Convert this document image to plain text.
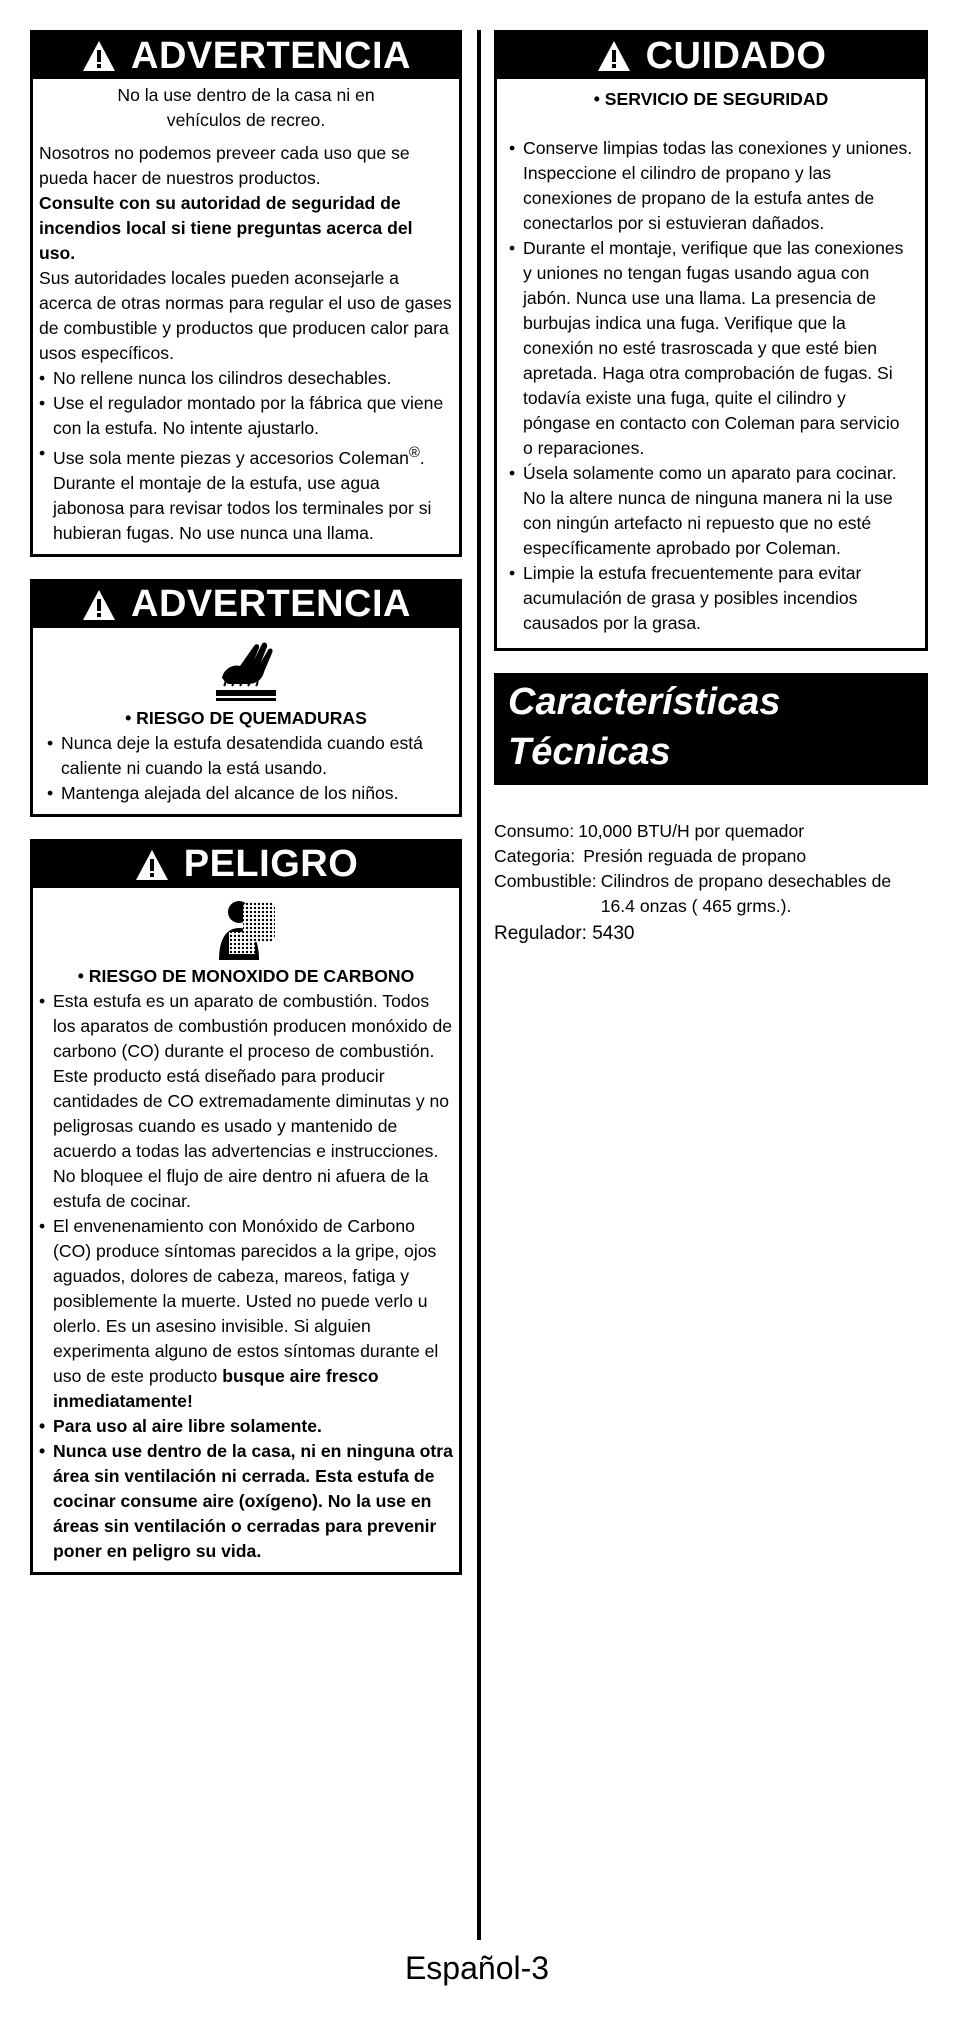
ADVERTENCIA
No la use dentro de la casa ni en vehículos de recreo.
Nosotros no podemos preveer cada uso que se pueda hacer de nuestros productos.
Consulte con su autoridad de seguridad de incendios local si tiene preguntas acerca del uso.
Sus autoridades locales pueden aconsejarle a acerca de otras normas para regular el uso de gases de combustible y productos que producen calor para usos específicos.
• No rellene nunca los cilindros desechables.
• Use el regulador montado por la fábrica que viene con la estufa. No intente ajustarlo.
• Use sola mente piezas y accesorios Coleman®. Durante el montaje de la estufa, use agua jabonosa para revisar todos los terminales por si hubieran fugas. No use nunca una llama.
ADVERTENCIA
• RIESGO DE QUEMADURAS
• Nunca deje la estufa desatendida cuando está caliente ni cuando la está usando.
• Mantenga alejada del alcance de los niños.
PELIGRO
• RIESGO DE MONOXIDO DE CARBONO
• Esta estufa es un aparato de combustión. Todos los aparatos de combustión producen monóxido de carbono (CO) durante el proceso de combustión. Este producto está diseñado para producir cantidades de CO extremadamente diminutas y no peligrosas cuando es usado y mantenido de acuerdo a todas las advertencias e instrucciones. No bloquee el flujo de aire dentro ni afuera de la estufa de cocinar.
• El envenenamiento con Monóxido de Carbono (CO) produce síntomas parecidos a la gripe, ojos aguados, dolores de cabeza, mareos, fatiga y posiblemente la muerte. Usted no puede verlo u olerlo. Es un asesino invisible. Si alguien experimenta alguno de estos síntomas durante el uso de este producto busque aire fresco inmediatamente!
• Para uso al aire libre solamente.
• Nunca use dentro de la casa, ni en ninguna otra área sin ventilación ni cerrada. Esta estufa de cocinar consume aire (oxígeno). No la use en áreas sin ventilación o cerradas para prevenir poner en peligro su vida.
CUIDADO
• SERVICIO DE SEGURIDAD
• Conserve limpias todas las conexiones y uniones. Inspeccione el cilindro de propano y las conexiones de propano de la estufa antes de conectarlos por si estuvieran dañados.
• Durante el montaje, verifique que las conexiones y uniones no tengan fugas usando agua con jabón. Nunca use una llama. La presencia de burbujas indica una fuga. Verifique que la conexión no esté trasroscada y que esté bien apretada. Haga otra comprobación de fugas. Si todavía existe una fuga, quite el cilindro y póngase en contacto con Coleman para servicio o reparaciones.
• Úsela solamente como un aparato para cocinar. No la altere nunca de ninguna manera ni la use con ningún artefacto ni repuesto que no esté específicamente aprobado por Coleman.
• Limpie la estufa frecuentemente para evitar acumulación de grasa y posibles incendios causados por la grasa.
Características
Técnicas
Consumo: 10,000 BTU/H por quemador
Categoria: Presión reguada de propano
Combustible: Cilindros de propano desechables de 16.4 onzas ( 465 grms.).
Regulador: 5430
Español-3
